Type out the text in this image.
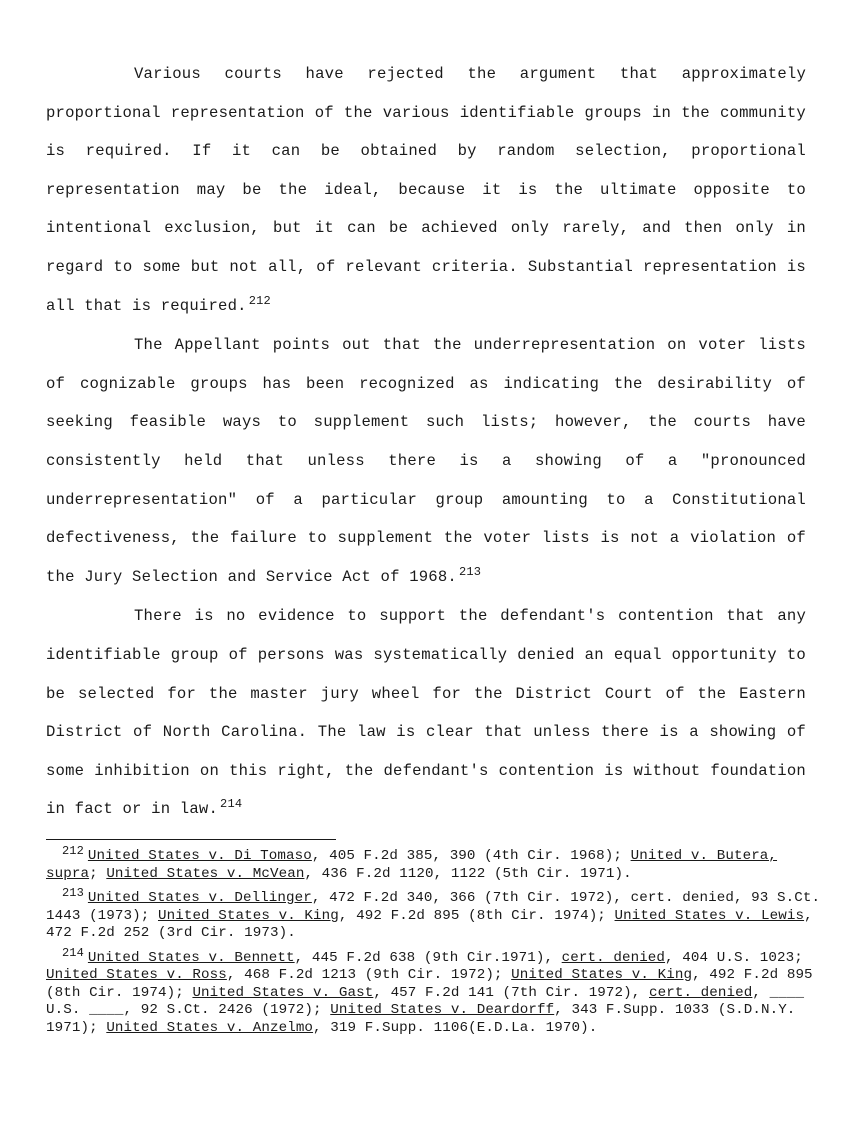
Various courts have rejected the argument that approximately proportional representation of the various identifiable groups in the community is required. If it can be obtained by random selection, proportional representation may be the ideal, because it is the ultimate opposite to intentional exclusion, but it can be achieved only rarely, and then only in regard to some but not all, of relevant criteria. Substantial representation is all that is required. $^{212}$

The Appellant points out that the underrepresentation on voter lists of cognizable groups has been recognized as indicating the desirability of seeking feasible ways to supplement such lists; however, the courts have consistently held that unless there is a showing of a "pronounced underrepresentation" of a particular group amounting to a Constitutional defectiveness, the failure to supplement the voter lists is not a violation of the Jury Selection and Service Act of 1968. $^{213}$

There is no evidence to support the defendant's contention that any identifiable group of persons was systematically denied an equal opportunity to be selected for the master jury wheel for the District Court of the Eastern District of North Carolina. The law is clear that unless there is a showing of some inhibition on this right, the defendant's contention is without foundation in fact or in law. $^{214}$

$^{212}$ United States v. Di Tomaso, 405 F.2d 385, 390 (4th Cir. 1968); United v. Butera, supra; United States v. McVean, 436 F.2d 1120, 1122 (5th Cir. 1971).

$^{213}$ United States v. Dellinger, 472 F.2d 340, 366 (7th Cir. 1972), cert. denied, 93 S.Ct. 1443 (1973); United States v. King, 492 F.2d 895 (8th Cir. 1974); United States v. Lewis, 472 F.2d 252 (3rd Cir. 1973).

$^{214}$ United States v. Bennett, 445 F.2d 638 (9th Cir.1971), cert. denied, 404 U.S. 1023; United States v. Ross, 468 F.2d 1213 (9th Cir. 1972); United States v. King, 492 F.2d 895 (8th Cir. 1974); United States v. Gast, 457 F.2d 141 (7th Cir. 1972), cert. denied, ____ U.S. ____, 92 S.Ct. 2426 (1972); United States v. Deardorff, 343 F.Supp. 1033 (S.D.N.Y. 1971); United States v. Anzelmo, 319 F.Supp. 1106(E.D.La. 1970).
